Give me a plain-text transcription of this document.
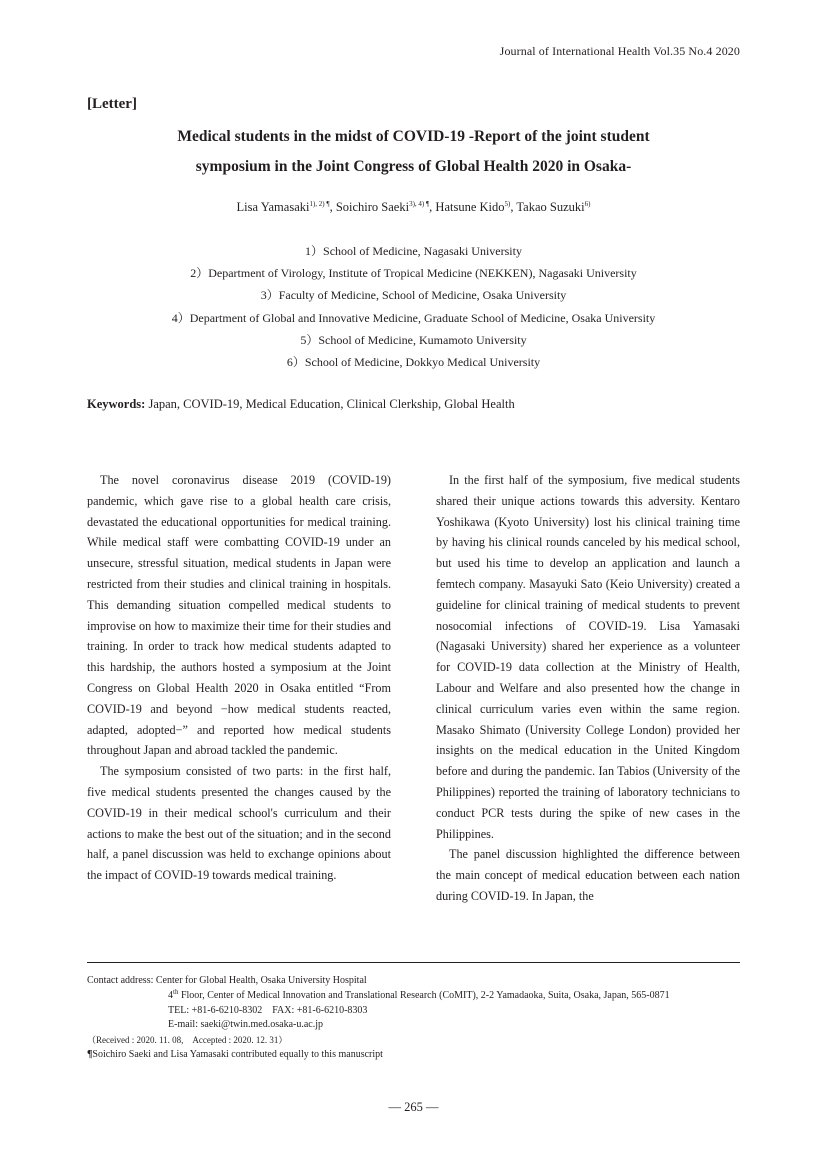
Journal of International Health Vol.35 No.4 2020
[Letter]
Medical students in the midst of COVID-19 -Report of the joint student
symposium in the Joint Congress of Global Health 2020 in Osaka-
Lisa Yamasaki$^{1), 2) \P}$, Soichiro Saeki$^{3), 4) \P}$, Hatsune Kido$^{5)}$, Takao Suzuki$^{6)}$
1）School of Medicine, Nagasaki University
2）Department of Virology, Institute of Tropical Medicine (NEKKEN), Nagasaki University
3）Faculty of Medicine, School of Medicine, Osaka University
4）Department of Global and Innovative Medicine, Graduate School of Medicine, Osaka University
5）School of Medicine, Kumamoto University
6）School of Medicine, Dokkyo Medical University
Keywords: Japan, COVID-19, Medical Education, Clinical Clerkship, Global Health

The novel coronavirus disease 2019 (COVID-19) pandemic, which gave rise to a global health care crisis, devastated the educational opportunities for medical training. While medical staff were combatting COVID-19 under an unsecure, stressful situation, medical students in Japan were restricted from their studies and clinical training in hospitals. This demanding situation compelled medical students to improvise on how to maximize their time for their studies and training. In order to track how medical students adapted to this hardship, the authors hosted a symposium at the Joint Congress on Global Health 2020 in Osaka entitled “From COVID-19 and beyond −how medical students reacted, adapted, adopted−” and reported how medical students throughout Japan and abroad tackled the pandemic.

The symposium consisted of two parts: in the first half, five medical students presented the changes caused by the COVID-19 in their medical school's curriculum and their actions to make the best out of the situation; and in the second half, a panel discussion was held to exchange opinions about the impact of COVID-19 towards medical training.

In the first half of the symposium, five medical students shared their unique actions towards this adversity. Kentaro Yoshikawa (Kyoto University) lost his clinical training time by having his clinical rounds canceled by his medical school, but used his time to develop an application and launch a femtech company. Masayuki Sato (Keio University) created a guideline for clinical training of medical students to prevent nosocomial infections of COVID-19. Lisa Yamasaki (Nagasaki University) shared her experience as a volunteer for COVID-19 data collection at the Ministry of Health, Labour and Welfare and also presented how the change in clinical curriculum varies even within the same region. Masako Shimato (University College London) provided her insights on the medical education in the United Kingdom before and during the pandemic. Ian Tabios (University of the Philippines) reported the training of laboratory technicians to conduct PCR tests during the spike of new cases in the Philippines.

The panel discussion highlighted the difference between the main concept of medical education between each nation during COVID-19. In Japan, the

Contact address: Center for Global Health, Osaka University Hospital
4th Floor, Center of Medical Innovation and Translational Research (CoMIT), 2-2 Yamadaoka, Suita, Osaka, Japan, 565-0871
TEL: +81-6-6210-8302　FAX: +81-6-6210-8303
E-mail: saeki@twin.med.osaka-u.ac.jp
（Received : 2020. 11. 08,　Accepted : 2020. 12. 31）
¶Soichiro Saeki and Lisa Yamasaki contributed equally to this manuscript
— 265 —
